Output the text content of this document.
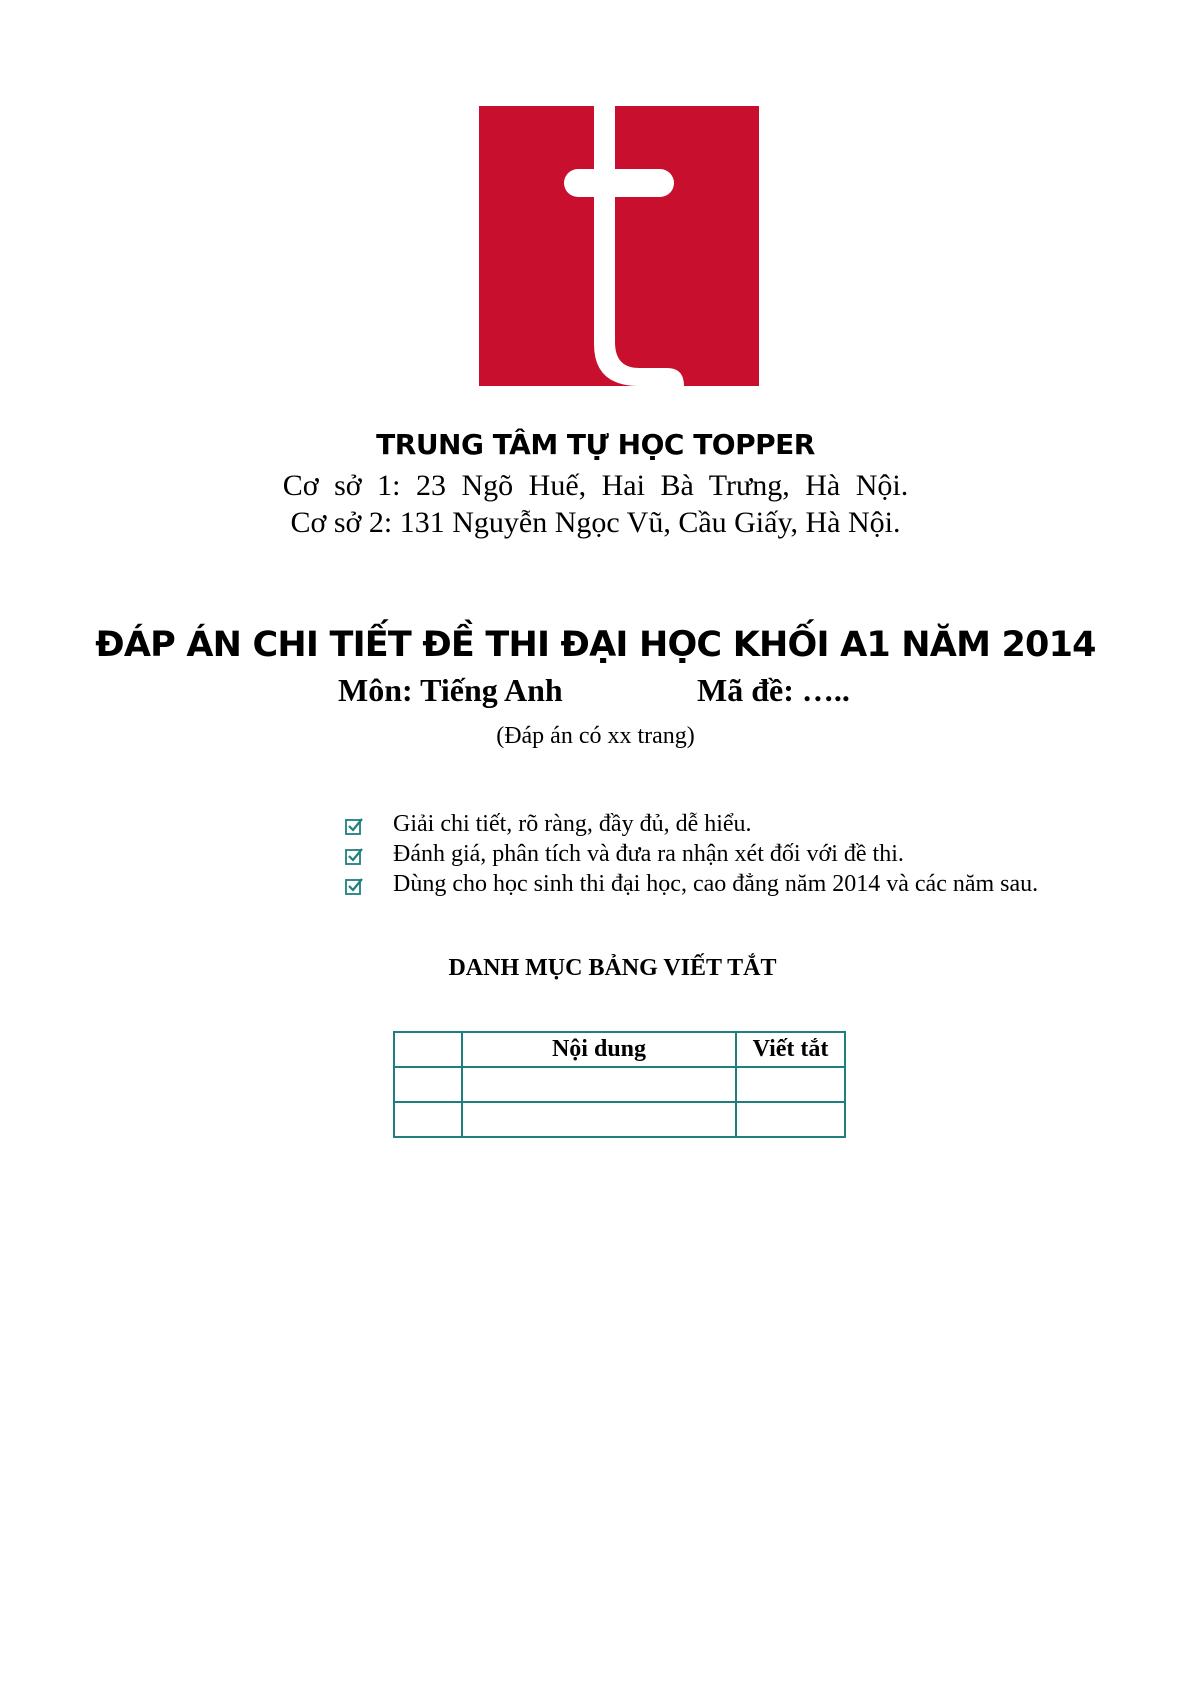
TRUNG TÂM TỰ HỌC TOPPER
Cơ sở 1: 23 Ngõ Huế, Hai Bà Trưng, Hà Nội.
Cơ sở 2: 131 Nguyễn Ngọc Vũ, Cầu Giấy, Hà Nội.
ĐÁP ÁN CHI TIẾT ĐỀ THI ĐẠI HỌC KHỐI A1 NĂM 2014
Môn: Tiếng Anh	Mã đề: …..
(Đáp án có xx trang)
Giải chi tiết, rõ ràng, đầy đủ, dễ hiểu.
Đánh giá, phân tích và đưa ra nhận xét đối với đề thi.
Dùng cho học sinh thi đại học, cao đẳng năm 2014 và các năm sau.
DANH MỤC BẢNG VIẾT TẮT
	Nội dung	Viết tắt
